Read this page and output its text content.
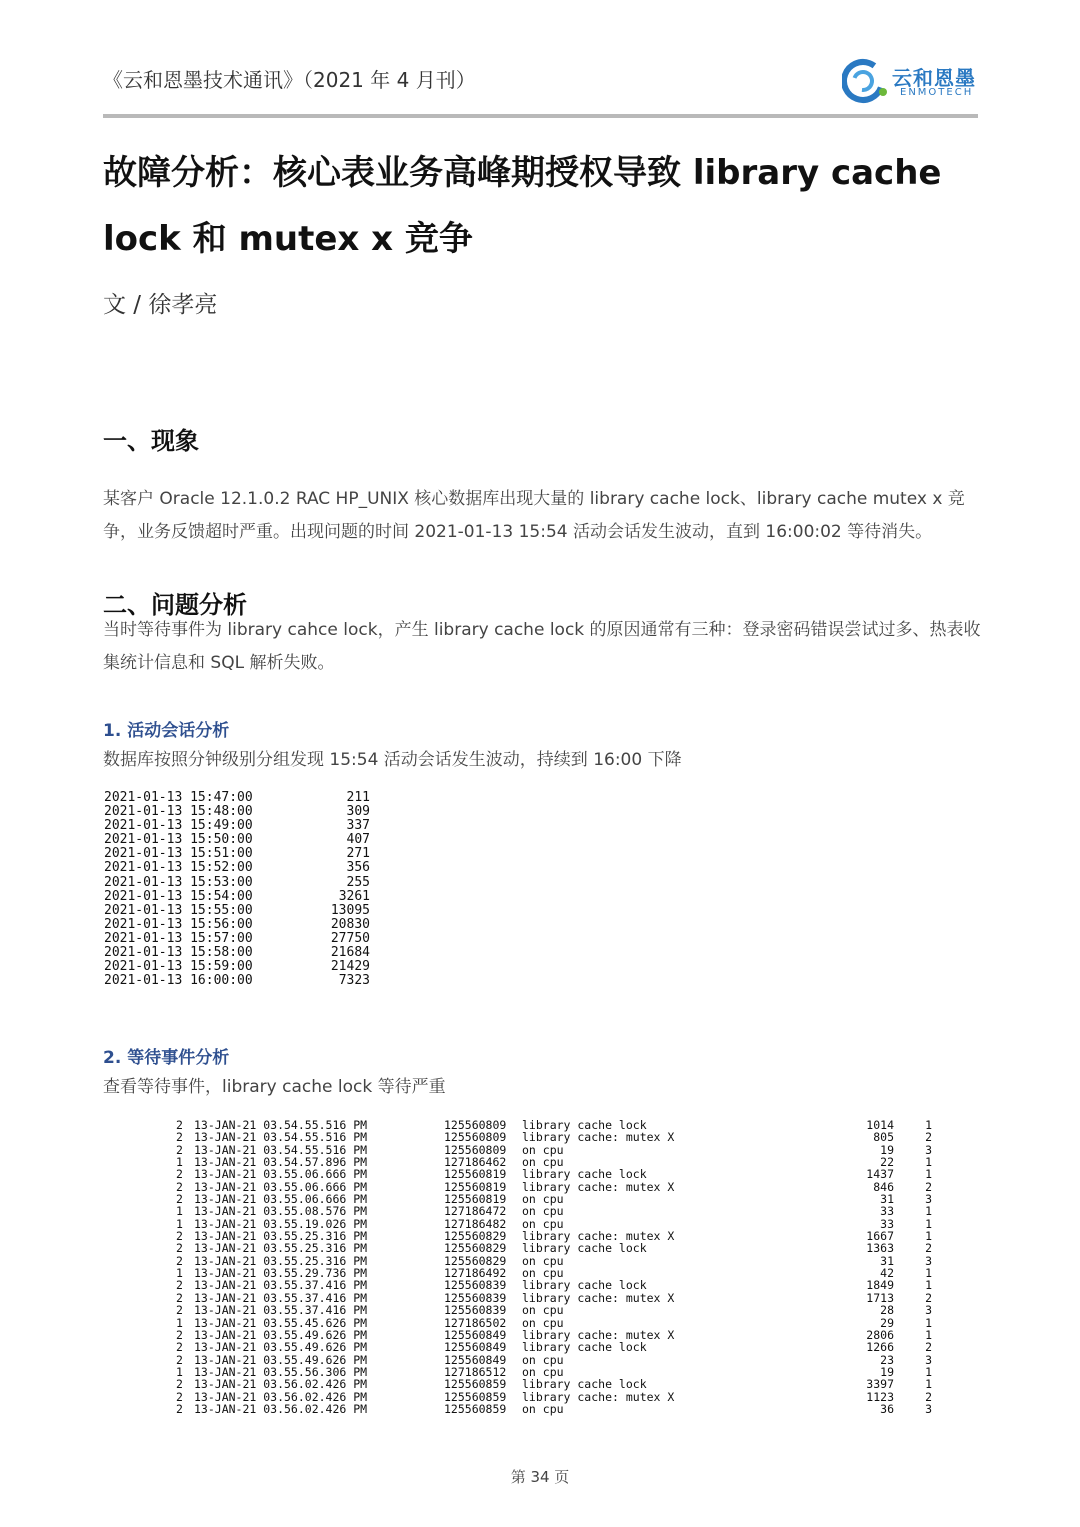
《云和恩墨技术通讯》（2021 年 4 月刊）	云和恩墨
ENMOTECH
故障分析：核心表业务高峰期授权导致 library cache lock 和 mutex x 竞争
文 / 徐孝亮
一、现象

某客户 Oracle 12.1.0.2 RAC HP_UNIX 核心数据库出现大量的 library cache lock、library cache mutex x 竞争，业务反馈超时严重。出现问题的时间 2021-01-13 15:54 活动会话发生波动，直到 16:00:02 等待消失。

二、问题分析

当时等待事件为 library cahce lock，产生 library cache lock 的原因通常有三种：登录密码错误尝试过多、热表收集统计信息和 SQL 解析失败。

1. 活动会话分析

数据库按照分钟级别分组发现 15:54 活动会话发生波动，持续到 16:00 下降

2021-01-13 15:47:00	211
2021-01-13 15:48:00	309
2021-01-13 15:49:00	337
2021-01-13 15:50:00	407
2021-01-13 15:51:00	271
2021-01-13 15:52:00	356
2021-01-13 15:53:00	255
2021-01-13 15:54:00	3261
2021-01-13 15:55:00	13095
2021-01-13 15:56:00	20830
2021-01-13 15:57:00	27750
2021-01-13 15:58:00	21684
2021-01-13 15:59:00	21429
2021-01-13 16:00:00	7323
2. 等待事件分析

查看等待事件，library cache lock 等待严重

2 13-JAN-21 03.54.55.516 PM	125560809	library cache lock	1014	1
2 13-JAN-21 03.54.55.516 PM	125560809	library cache: mutex X	805	2
2 13-JAN-21 03.54.55.516 PM	125560809	on cpu	19	3
1 13-JAN-21 03.54.57.896 PM	127186462	on cpu	22	1
2 13-JAN-21 03.55.06.666 PM	125560819	library cache lock	1437	1
2 13-JAN-21 03.55.06.666 PM	125560819	library cache: mutex X	846	2
2 13-JAN-21 03.55.06.666 PM	125560819	on cpu	31	3
1 13-JAN-21 03.55.08.576 PM	127186472	on cpu	33	1
1 13-JAN-21 03.55.19.026 PM	127186482	on cpu	33	1
2 13-JAN-21 03.55.25.316 PM	125560829	library cache: mutex X	1667	1
2 13-JAN-21 03.55.25.316 PM	125560829	library cache lock	1363	2
2 13-JAN-21 03.55.25.316 PM	125560829	on cpu	31	3
1 13-JAN-21 03.55.29.736 PM	127186492	on cpu	42	1
2 13-JAN-21 03.55.37.416 PM	125560839	library cache lock	1849	1
2 13-JAN-21 03.55.37.416 PM	125560839	library cache: mutex X	1713	2
2 13-JAN-21 03.55.37.416 PM	125560839	on cpu	28	3
1 13-JAN-21 03.55.45.626 PM	127186502	on cpu	29	1
2 13-JAN-21 03.55.49.626 PM	125560849	library cache: mutex X	2806	1
2 13-JAN-21 03.55.49.626 PM	125560849	library cache lock	1266	2
2 13-JAN-21 03.55.49.626 PM	125560849	on cpu	23	3
1 13-JAN-21 03.55.56.306 PM	127186512	on cpu	19	1
2 13-JAN-21 03.56.02.426 PM	125560859	library cache lock	3397	1
2 13-JAN-21 03.56.02.426 PM	125560859	library cache: mutex X	1123	2
2 13-JAN-21 03.56.02.426 PM	125560859	on cpu	36	3
第 34 页
